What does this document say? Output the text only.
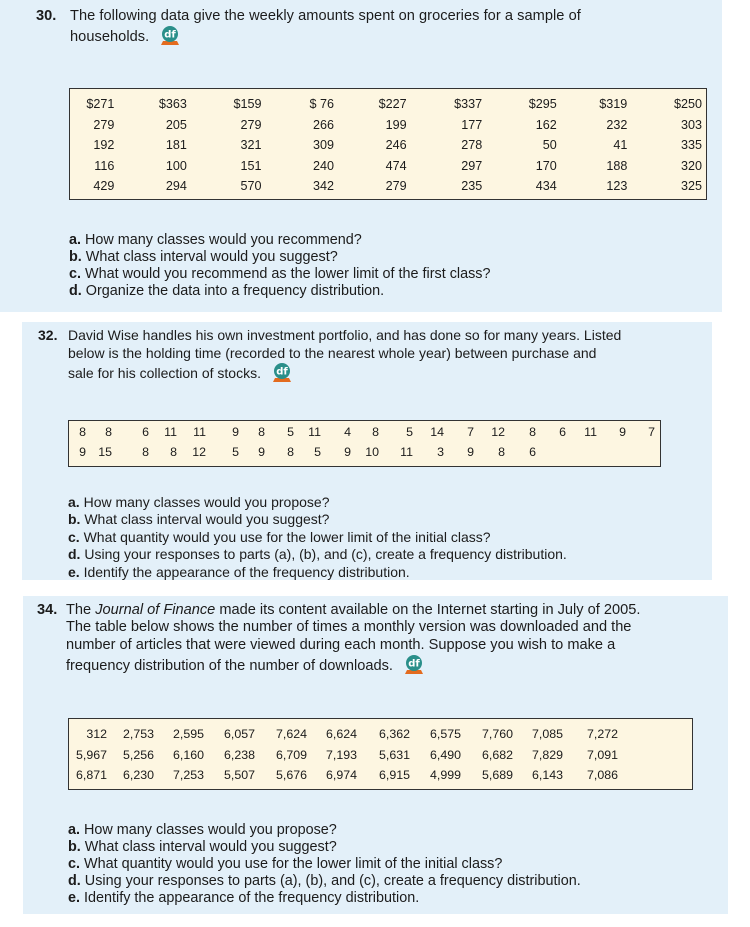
30. The following data give the weekly amounts spent on groceries for a sample of
households. df
$271	$363	$159	$ 76	$227	$337	$295	$319	$250
279	205	279	266	199	177	162	232	303
192	181	321	309	246	278	50	41	335
116	100	151	240	474	297	170	188	320
429	294	570	342	279	235	434	123	325
a. How many classes would you recommend?
b. What class interval would you suggest?
c. What would you recommend as the lower limit of the first class?
d. Organize the data into a frequency distribution.
32. David Wise handles his own investment portfolio, and has done so for many years. Listed
below is the holding time (recorded to the nearest whole year) between purchase and
sale for his collection of stocks. df
8	8	6	11	11	9	8	5	11	4	8	5	14	7	12	8	6	11	9	7
9	15	8	8	12	5	9	8	5	9	10	11	3	9	8	6				
a. How many classes would you propose?
b. What class interval would you suggest?
c. What quantity would you use for the lower limit of the initial class?
d. Using your responses to parts (a), (b), and (c), create a frequency distribution.
e. Identify the appearance of the frequency distribution.
34. The Journal of Finance made its content available on the Internet starting in July of 2005.
The table below shows the number of times a monthly version was downloaded and the
number of articles that were viewed during each month. Suppose you wish to make a
frequency distribution of the number of downloads. df
312	2,753	2,595	6,057	7,624	6,624	6,362	6,575	7,760	7,085	7,272
5,967	5,256	6,160	6,238	6,709	7,193	5,631	6,490	6,682	7,829	7,091
6,871	6,230	7,253	5,507	5,676	6,974	6,915	4,999	5,689	6,143	7,086
a. How many classes would you propose?
b. What class interval would you suggest?
c. What quantity would you use for the lower limit of the initial class?
d. Using your responses to parts (a), (b), and (c), create a frequency distribution.
e. Identify the appearance of the frequency distribution.
